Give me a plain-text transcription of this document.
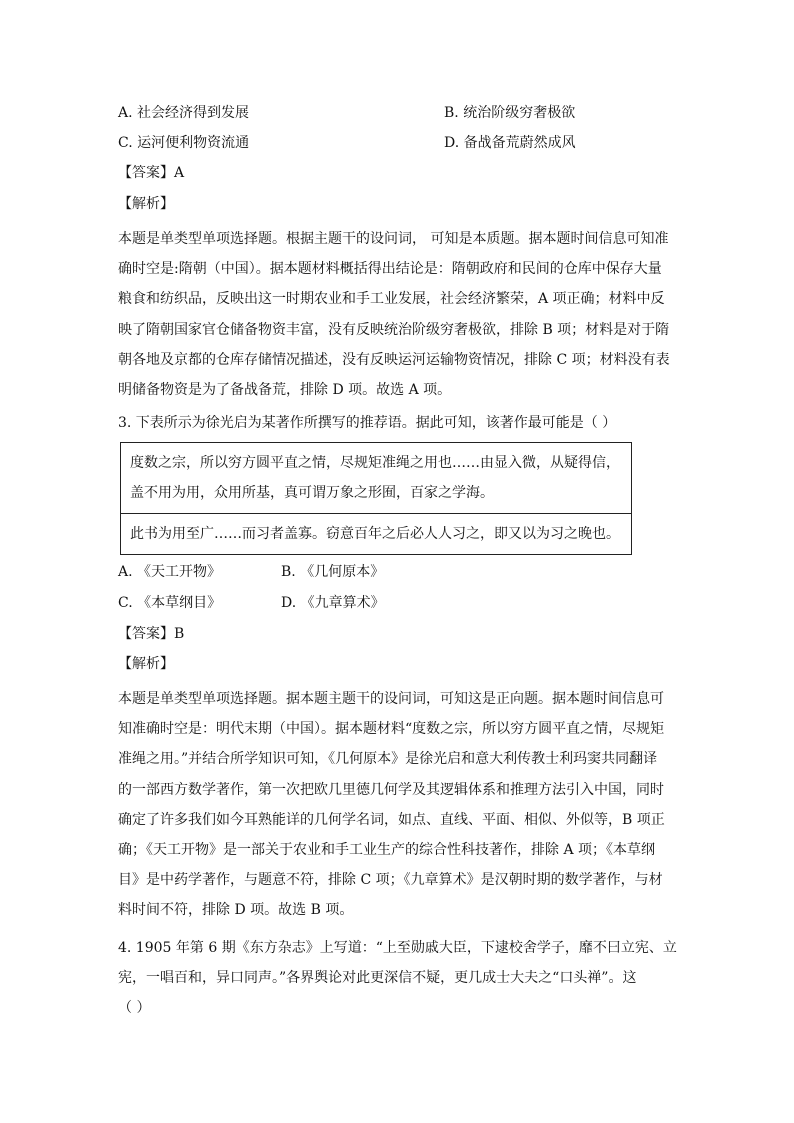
A. 社会经济得到发展	B. 统治阶级穷奢极欲
C. 运河便利物资流通	D. 备战备荒蔚然成风
【答案】A
【解析】

本题是单类型单项选择题。根据主题干的设问词， 可知是本质题。据本题时间信息可知准

确时空是:隋朝（中国）。据本题材料概括得出结论是：隋朝政府和民间的仓库中保存大量

粮食和纺织品，反映出这一时期农业和手工业发展，社会经济繁荣，A 项正确；材料中反

映了隋朝国家官仓储备物资丰富，没有反映统治阶级穷奢极欲，排除 B 项；材料是对于隋

朝各地及京都的仓库存储情况描述，没有反映运河运输物资情况，排除 C 项；材料没有表

明储备物资是为了备战备荒，排除 D 项。故选 A 项。

3. 下表所示为徐光启为某著作所撰写的推荐语。据此可知，该著作最可能是（ ）

度数之宗，所以穷方圆平直之情，尽规矩准绳之用也……由显入微，从疑得信，

盖不用为用，众用所基，真可谓万象之形囿，百家之学海。

此书为用至广……而习者盖寡。窃意百年之后必人人习之，即又以为习之晚也。

A. 《天工开物》	B. 《几何原本》
C. 《本草纲目》	D. 《九章算术》
【答案】B
【解析】

本题是单类型单项选择题。据本题主题干的设问词，可知这是正向题。据本题时间信息可

知准确时空是：明代末期（中国）。据本题材料“度数之宗，所以穷方圆平直之情，尽规矩

准绳之用。”并结合所学知识可知，《几何原本》是徐光启和意大利传教士利玛窦共同翻译

的一部西方数学著作，第一次把欧几里德几何学及其逻辑体系和推理方法引入中国，同时

确定了许多我们如今耳熟能详的几何学名词，如点、直线、平面、相似、外似等，B 项正

确；《天工开物》是一部关于农业和手工业生产的综合性科技著作，排除 A 项；《本草纲

目》是中药学著作，与题意不符，排除 C 项；《九章算术》是汉朝时期的数学著作，与材

料时间不符，排除 D 项。故选 B 项。

4. 1905 年第 6 期《东方杂志》上写道：“上至勋戚大臣，下逮校舍学子，靡不曰立宪、立

宪，一唱百和，异口同声。”各界舆论对此更深信不疑，更几成士大夫之“口头禅”。这

（ ）
